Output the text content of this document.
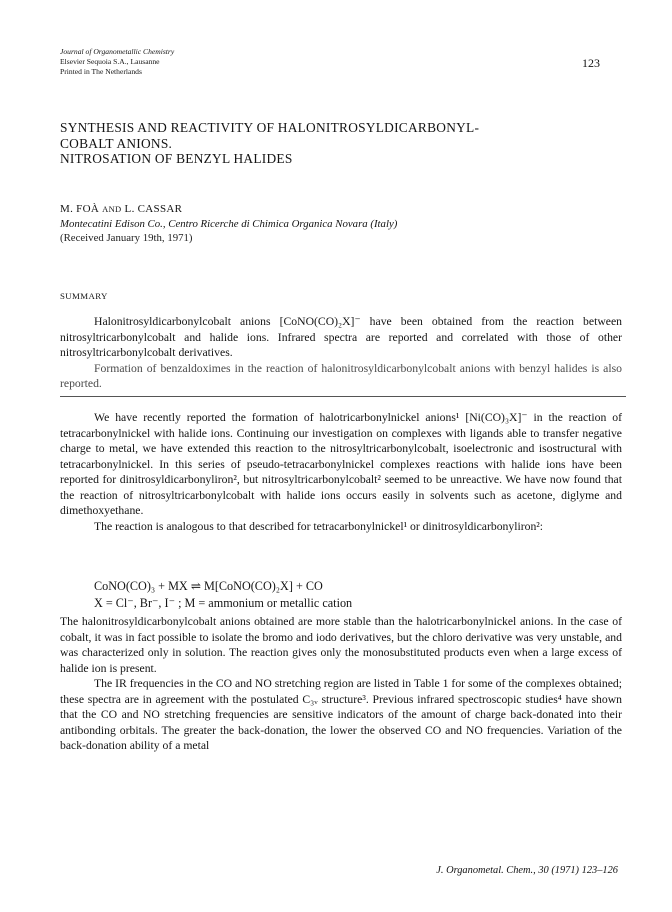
Journal of Organometallic Chemistry
Elsevier Sequoia S.A., Lausanne
Printed in The Netherlands
123
SYNTHESIS AND REACTIVITY OF HALONITROSYLDICARBONYL-
COBALT ANIONS.
NITROSATION OF BENZYL HALIDES
M. FOÀ AND L. CASSAR
Montecatini Edison Co., Centro Ricerche di Chimica Organica Novara (Italy)
(Received January 19th, 1971)
SUMMARY

Halonitrosyldicarbonylcobalt anions [CoNO(CO)₂X]⁻ have been obtained from the reaction between nitrosyltricarbonylcobalt and halide ions. Infrared spectra are reported and correlated with those of other nitrosyltricarbonylcobalt derivatives.

Formation of benzaldoximes in the reaction of halonitrosyldicarbonylcobalt anions with benzyl halides is also reported.

We have recently reported the formation of halotricarbonylnickel anions¹ [Ni(CO)₃X]⁻ in the reaction of tetracarbonylnickel with halide ions. Continuing our investigation on complexes with ligands able to transfer negative charge to metal, we have extended this reaction to the nitrosyltricarbonylcobalt, isoelectronic and isostructural with tetracarbonylnickel. In this series of pseudo-tetracarbonylnickel complexes reactions with halide ions have been reported for dinitrosyldicarbonyliron², but nitrosyltricarbonylcobalt² seemed to be unreactive. We have now found that the reaction of nitrosyltricarbonylcobalt with halide ions occurs easily in solvents such as acetone, diglyme and dimethoxyethane.

The reaction is analogous to that described for tetracarbonylnickel¹ or dinitrosyldicarbonyliron²:

CoNO(CO)₃ + MX ⇌ M[CoNO(CO)₂X] + CO
X = Cl⁻, Br⁻, I⁻ ; M = ammonium or metallic cation

The halonitrosyldicarbonylcobalt anions obtained are more stable than the halotricarbonylnickel anions. In the case of cobalt, it was in fact possible to isolate the bromo and iodo derivatives, but the chloro derivative was very unstable, and was characterized only in solution. The reaction gives only the monosubstituted products even when a large excess of halide ion is present.

The IR frequencies in the CO and NO stretching region are listed in Table 1 for some of the complexes obtained; these spectra are in agreement with the postulated C₃ᵥ structure³. Previous infrared spectroscopic studies⁴ have shown that the CO and NO stretching frequencies are sensitive indicators of the amount of charge back-donated into their antibonding orbitals. The greater the back-donation, the lower the observed CO and NO frequencies. Variation of the back-donation ability of a metal

J. Organometal. Chem., 30 (1971) 123–126
